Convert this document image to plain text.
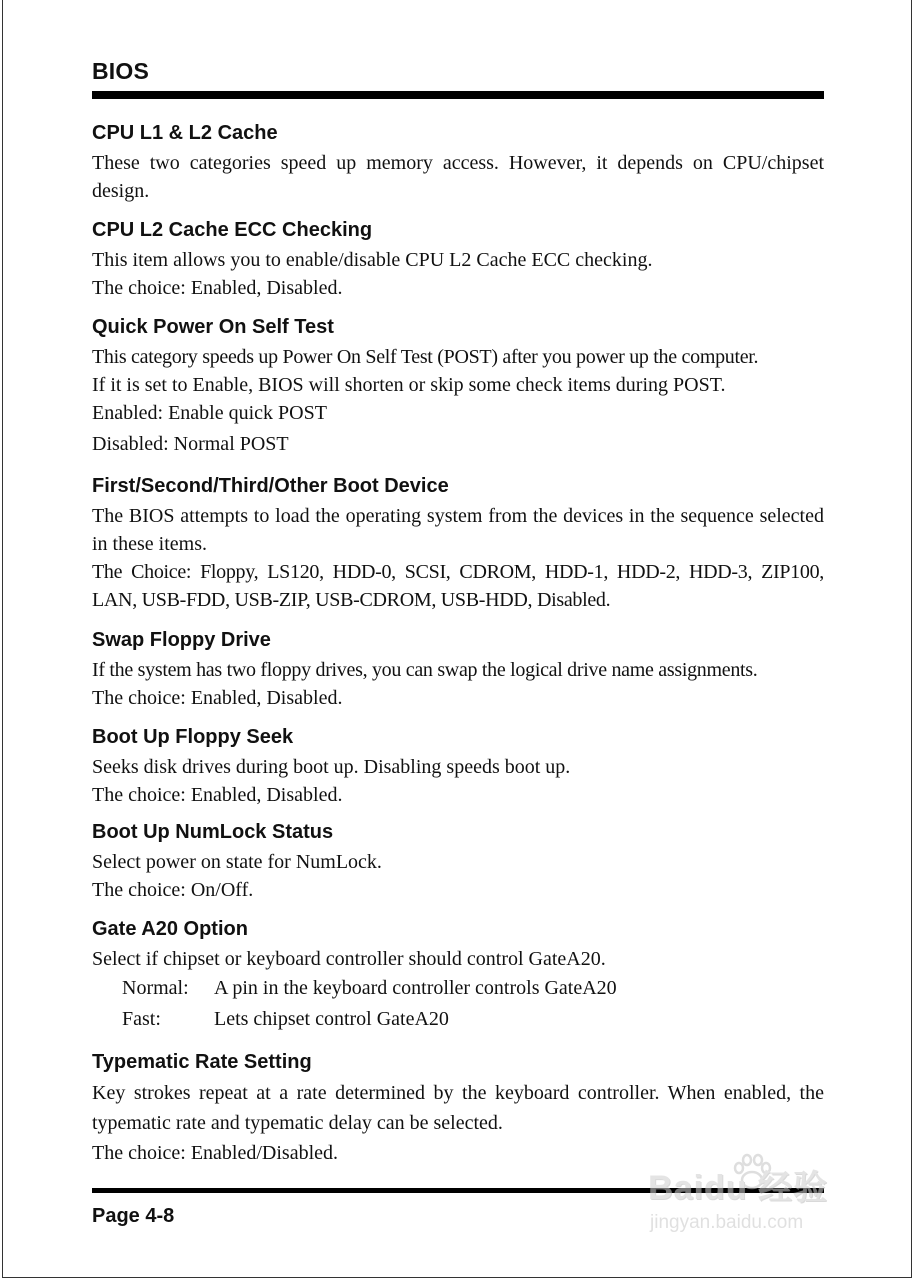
BIOS
CPU L1 & L2 Cache

These two categories speed up memory access. However, it depends on CPU/chipset design.

CPU L2 Cache ECC Checking

This item allows you to enable/disable CPU L2 Cache ECC checking.

The choice: Enabled, Disabled.

Quick Power On Self Test

This category speeds up Power On Self Test (POST) after you power up the computer.

If it is set to Enable, BIOS will shorten or skip some check items during POST.

Enabled: Enable quick POST

Disabled: Normal POST

First/Second/Third/Other Boot Device

The BIOS attempts to load the operating system from the devices in the sequence selected in these items.

The Choice: Floppy, LS120, HDD-0, SCSI, CDROM, HDD-1, HDD-2, HDD-3, ZIP100, LAN, USB-FDD, USB-ZIP, USB-CDROM, USB-HDD, Disabled.

Swap Floppy Drive

If the system has two floppy drives, you can swap the logical drive name assignments.

The choice: Enabled, Disabled.

Boot Up Floppy Seek

Seeks disk drives during boot up. Disabling speeds boot up.

The choice: Enabled, Disabled.

Boot Up NumLock Status

Select power on state for NumLock.

The choice: On/Off.

Gate A20 Option

Select if chipset or keyboard controller should control GateA20.

Normal:	A pin in the keyboard controller controls GateA20
Fast:	Lets chipset control GateA20
Typematic Rate Setting

Key strokes repeat at a rate determined by the keyboard controller. When enabled, the typematic rate and typematic delay can be selected.

The choice: Enabled/Disabled.

Page 4-8
Baidu 经验
jingyan.baidu.com
